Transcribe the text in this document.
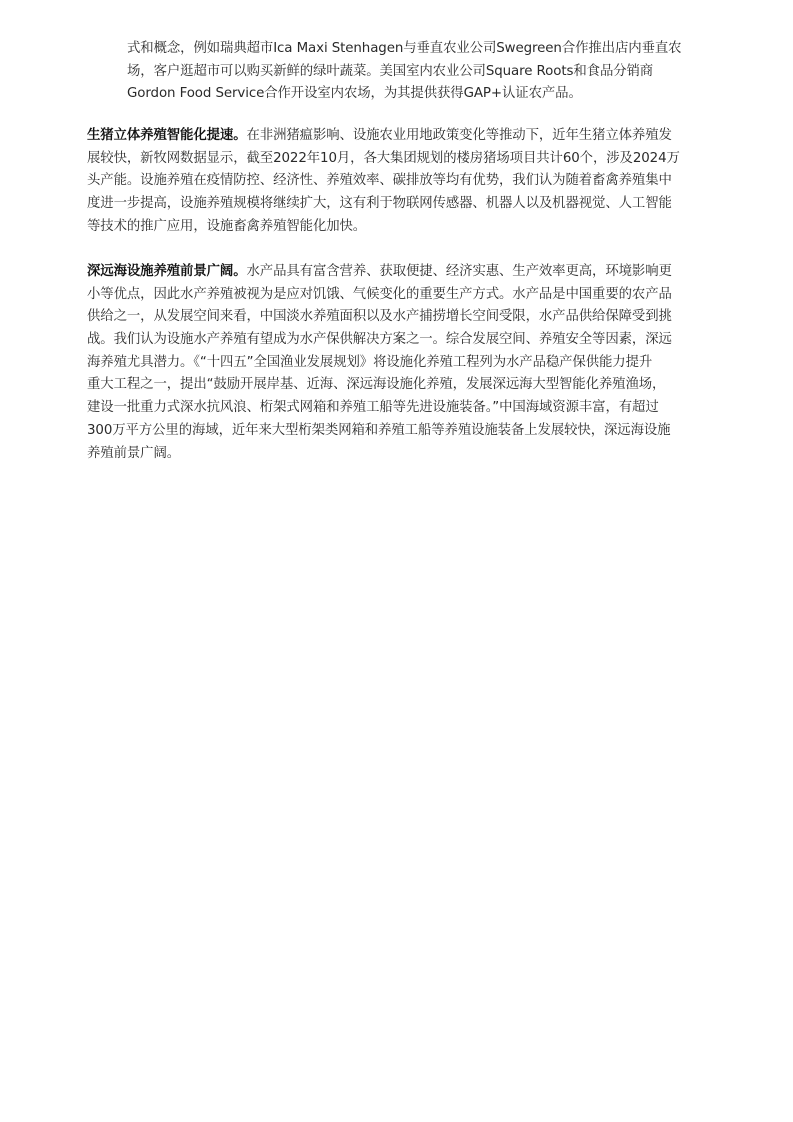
式和概念，例如瑞典超市Ica Maxi Stenhagen与垂直农业公司Swegreen合作推出店内垂直农
场，客户逛超市可以购买新鲜的绿叶蔬菜。美国室内农业公司Square Roots和食品分销商
Gordon Food Service合作开设室内农场，为其提供获得GAP+认证农产品。

生猪立体养殖智能化提速。在非洲猪瘟影响、设施农业用地政策变化等推动下，近年生猪立体养殖发
展较快，新牧网数据显示，截至2022年10月，各大集团规划的楼房猪场项目共计60个，涉及2024万
头产能。设施养殖在疫情防控、经济性、养殖效率、碳排放等均有优势，我们认为随着畜禽养殖集中
度进一步提高，设施养殖规模将继续扩大，这有利于物联网传感器、机器人以及机器视觉、人工智能
等技术的推广应用，设施畜禽养殖智能化加快。

深远海设施养殖前景广阔。水产品具有富含营养、获取便捷、经济实惠、生产效率更高，环境影响更
小等优点，因此水产养殖被视为是应对饥饿、气候变化的重要生产方式。水产品是中国重要的农产品
供给之一，从发展空间来看，中国淡水养殖面积以及水产捕捞增长空间受限，水产品供给保障受到挑
战。我们认为设施水产养殖有望成为水产保供解决方案之一。综合发展空间、养殖安全等因素，深远
海养殖尤具潜力。《“十四五”全国渔业发展规划》将设施化养殖工程列为水产品稳产保供能力提升
重大工程之一，提出“鼓励开展岸基、近海、深远海设施化养殖，发展深远海大型智能化养殖渔场，
建设一批重力式深水抗风浪、桁架式网箱和养殖工船等先进设施装备。”中国海域资源丰富，有超过
300万平方公里的海域，近年来大型桁架类网箱和养殖工船等养殖设施装备上发展较快，深远海设施
养殖前景广阔。
